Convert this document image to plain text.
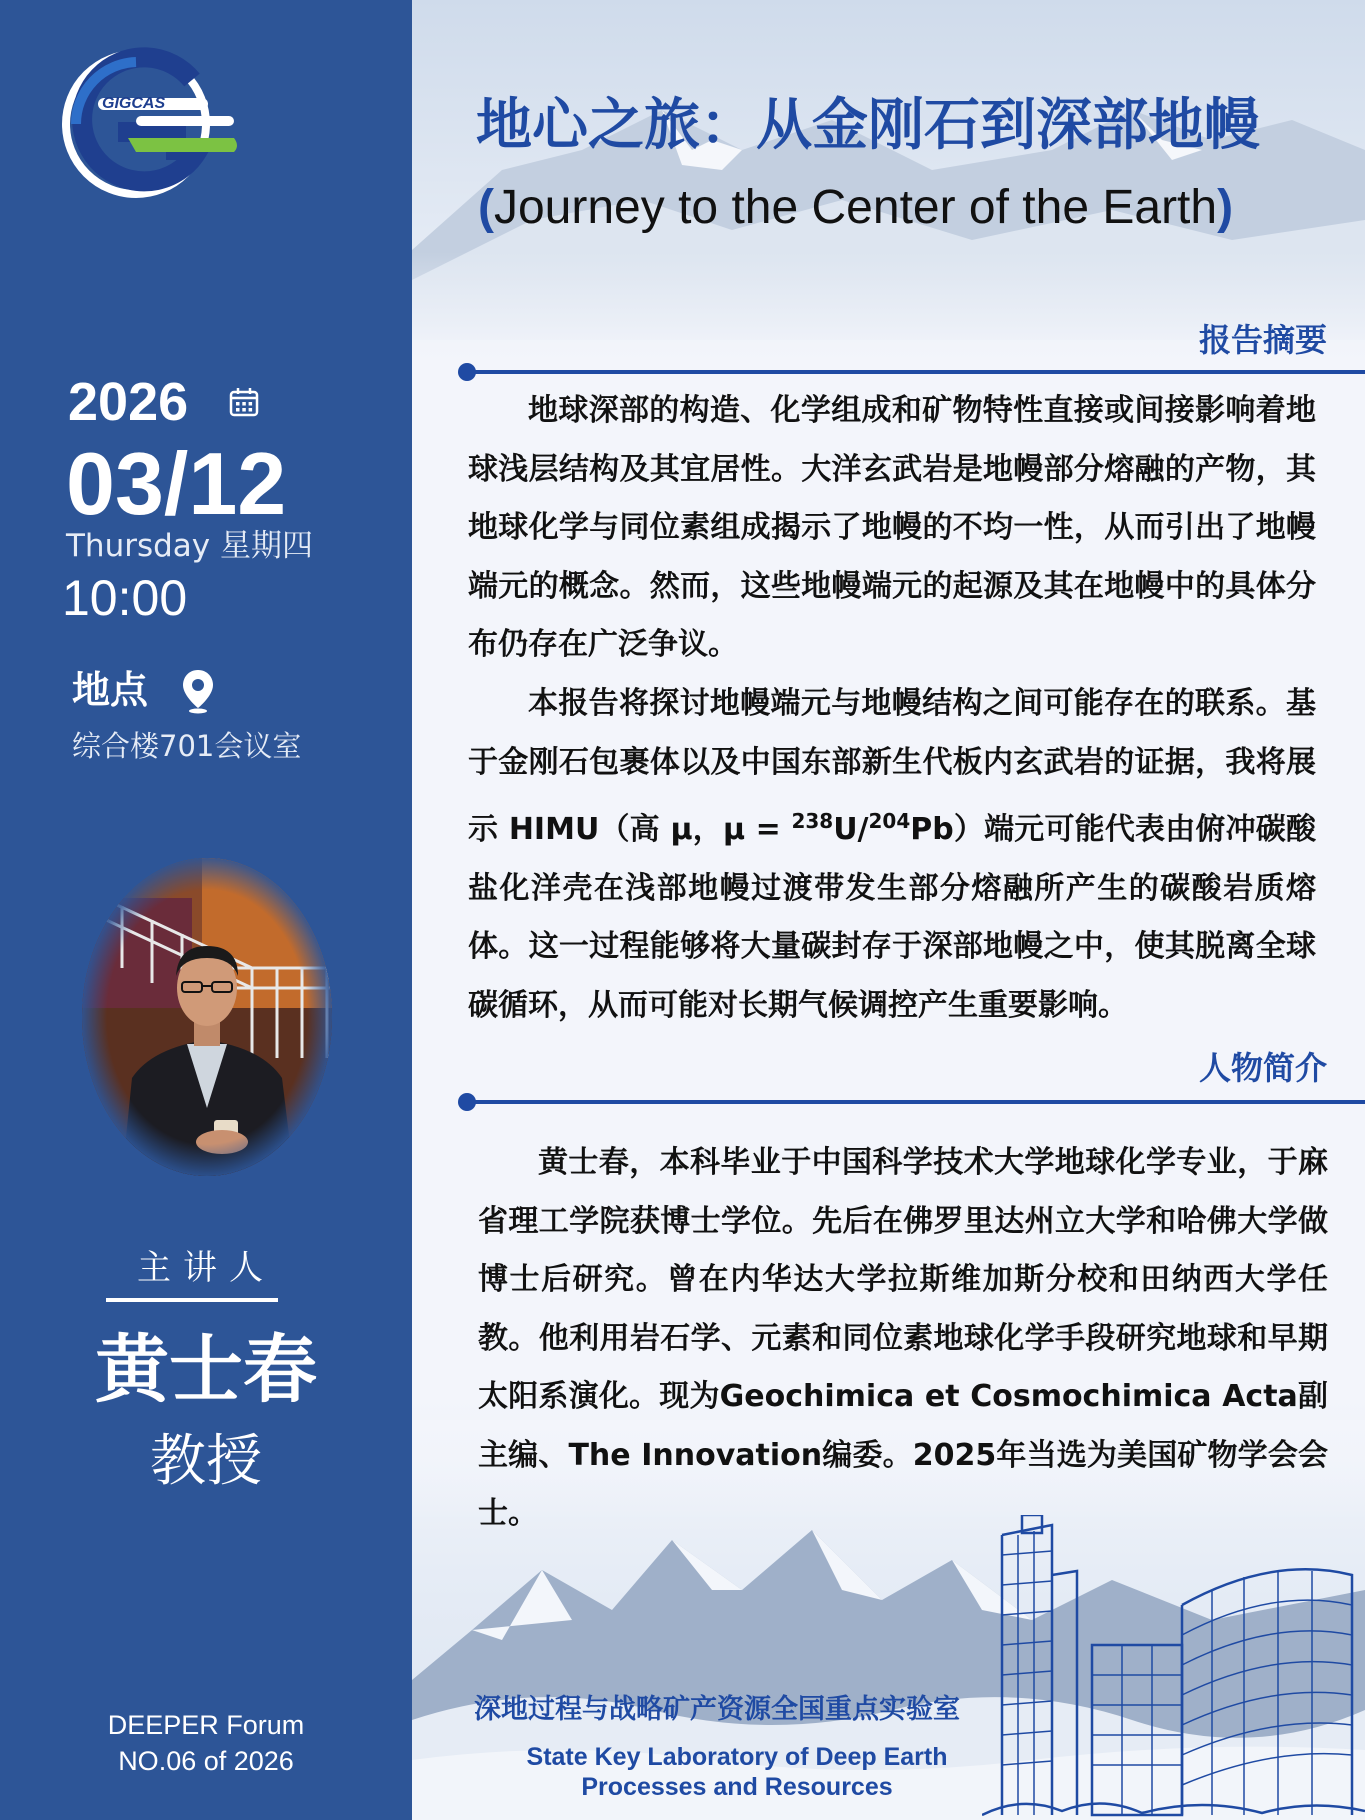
GIGCAS
2026
03/12
Thursday 星期四
10:00
地点
综合楼701会议室
主讲人
黄士春
教授
DEEPER Forum
NO.06 of 2026
地心之旅：从金刚石到深部地幔
(Journey to the Center of the Earth)
报告摘要

地球深部的构造、化学组成和矿物特性直接或间接影响着地球浅层结构及其宜居性。大洋玄武岩是地幔部分熔融的产物，其地球化学与同位素组成揭示了地幔的不均一性，从而引出了地幔端元的概念。然而，这些地幔端元的起源及其在地幔中的具体分布仍存在广泛争议。

本报告将探讨地幔端元与地幔结构之间可能存在的联系。基于金刚石包裹体以及中国东部新生代板内玄武岩的证据，我将展示 HIMU（高 μ，μ = $^{238}$U/$^{204}$Pb）端元可能代表由俯冲碳酸盐化洋壳在浅部地幔过渡带发生部分熔融所产生的碳酸岩质熔体。这一过程能够将大量碳封存于深部地幔之中，使其脱离全球碳循环，从而可能对长期气候调控产生重要影响。

人物简介

黄士春，本科毕业于中国科学技术大学地球化学专业，于麻省理工学院获博士学位。先后在佛罗里达州立大学和哈佛大学做博士后研究。曾在内华达大学拉斯维加斯分校和田纳西大学任教。他利用岩石学、元素和同位素地球化学手段研究地球和早期太阳系演化。现为Geochimica et Cosmochimica Acta副主编、The Innovation编委。2025年当选为美国矿物学会会士。

深地过程与战略矿产资源全国重点实验室
State Key Laboratory of Deep Earth
Processes and Resources
